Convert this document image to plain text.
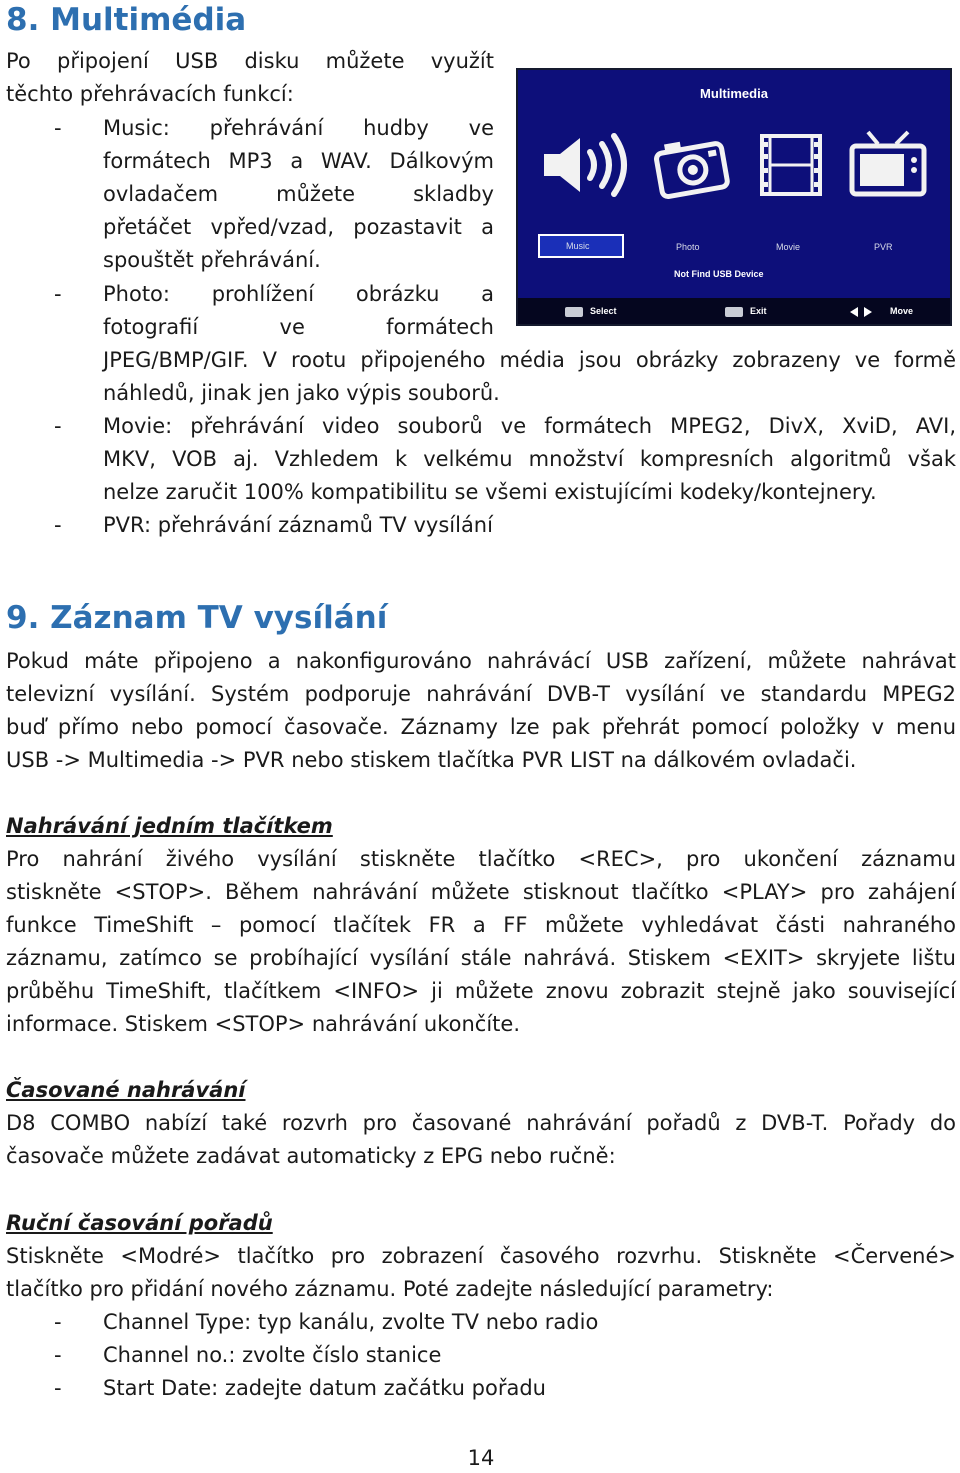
8. Multimédia
Po připojení USB disku můžete využít
těchto přehrávacích funkcí:
- Music: přehrávání hudby ve
formátech MP3 a WAV. Dálkovým
ovladačem můžete skladby
přetáčet vpřed/vzad, pozastavit a
spouštět přehrávání.
- Photo: prohlížení obrázku a
fotografií ve formátech
JPEG/BMP/GIF. V rootu připojeného média jsou obrázky zobrazeny ve formě
náhledů, jinak jen jako výpis souborů.
- Movie: přehrávání video souborů ve formátech MPEG2, DivX, XviD, AVI,
MKV, VOB aj. Vzhledem k velkému množství kompresních algoritmů však
nelze zaručit 100% kompatibilitu se všemi existujícími kodeky/kontejnery.
- PVR: přehrávání záznamů TV vysílání
9. Záznam TV vysílání
Pokud máte připojeno a nakonfigurováno nahrávácí USB zařízení, můžete nahrávat
televizní vysílání. Systém podporuje nahrávání DVB-T vysílání ve standardu MPEG2
buď přímo nebo pomocí časovače. Záznamy lze pak přehrát pomocí položky v menu
USB -> Multimedia -> PVR nebo stiskem tlačítka PVR LIST na dálkovém ovladači.
Nahrávání jedním tlačítkem
Pro nahrání živého vysílání stiskněte tlačítko <REC>, pro ukončení záznamu
stiskněte <STOP>. Během nahrávání můžete stisknout tlačítko <PLAY> pro zahájení
funkce TimeShift – pomocí tlačítek FR a FF můžete vyhledávat části nahraného
záznamu, zatímco se probíhající vysílání stále nahrává. Stiskem <EXIT> skryjete lištu
průběhu TimeShift, tlačítkem <INFO> ji můžete znovu zobrazit stejně jako související
informace. Stiskem <STOP> nahrávání ukončíte.
Časované nahrávání
D8 COMBO nabízí také rozvrh pro časované nahrávání pořadů z DVB-T. Pořady do
časovače můžete zadávat automaticky z EPG nebo ručně:
Ruční časování pořadů
Stiskněte <Modré> tlačítko pro zobrazení časového rozvrhu. Stiskněte <Červené>
tlačítko pro přidání nového záznamu. Poté zadejte následující parametry:
- Channel Type: typ kanálu, zvolte TV nebo radio
- Channel no.: zvolte číslo stanice
- Start Date: zadejte datum začátku pořadu
14
Multimedia
Music	Photo	Movie	PVR
Not Find USB Device
Select	Exit	Move
